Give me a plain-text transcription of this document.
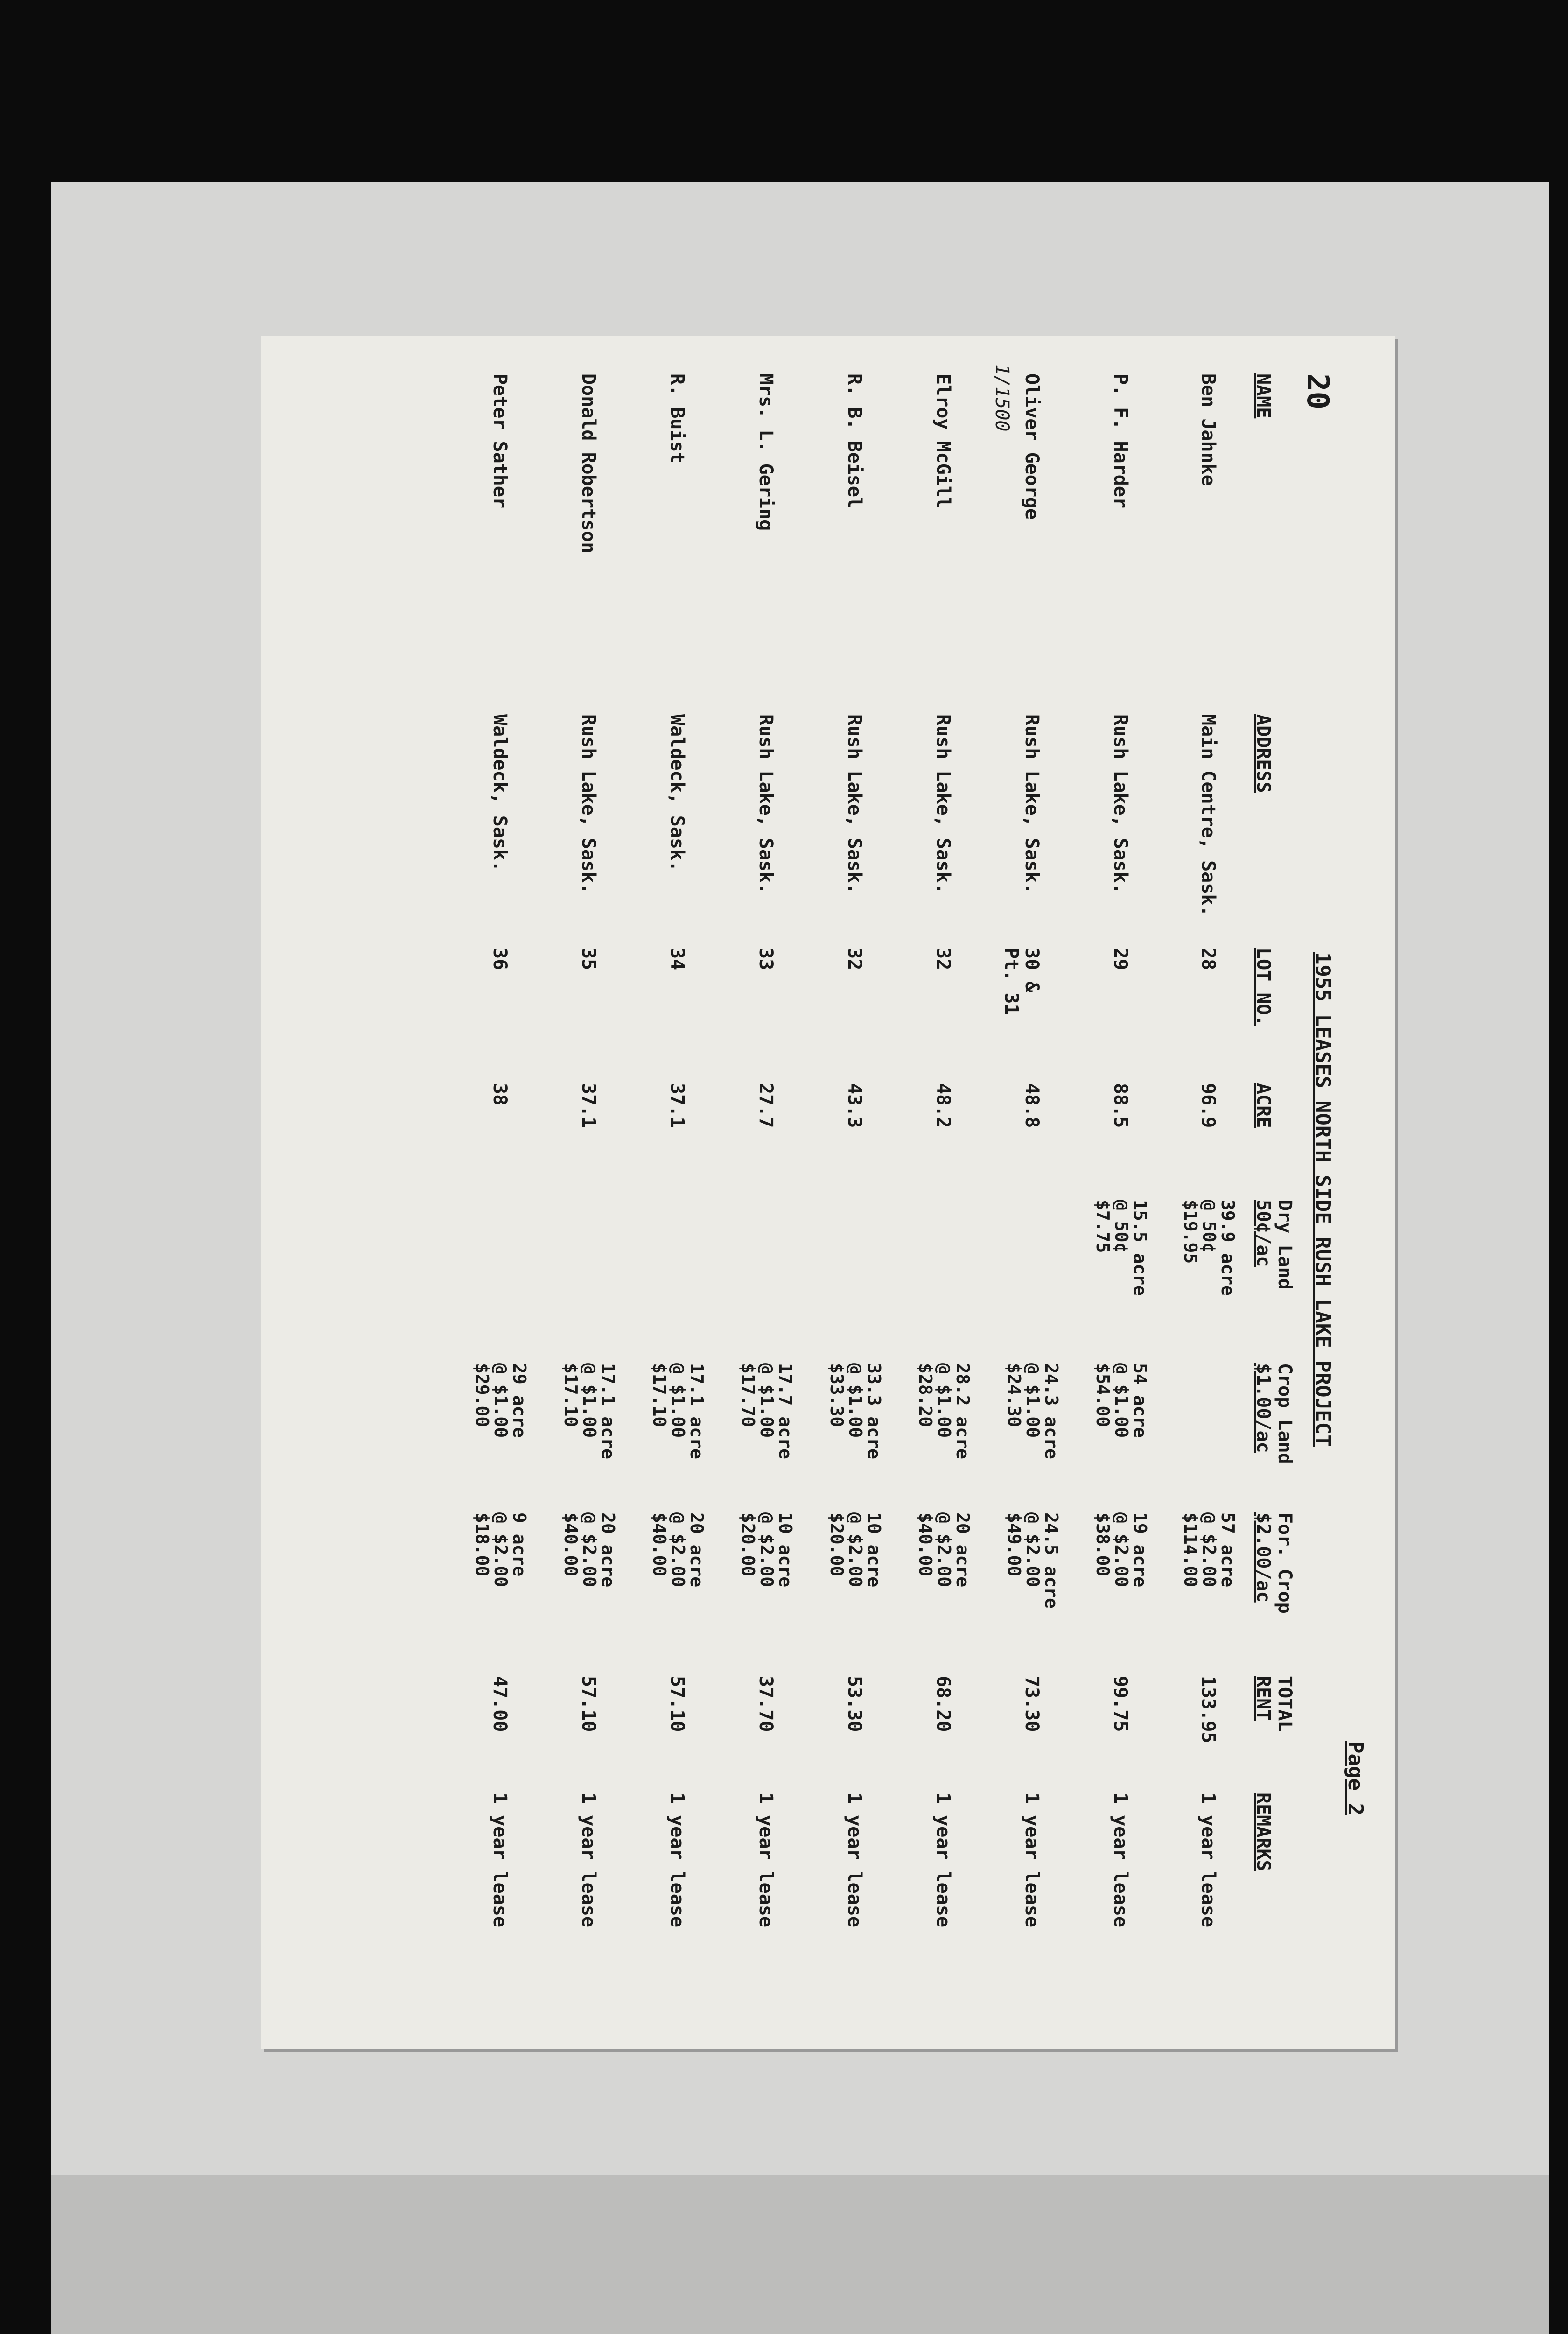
20
1/1500
Page 2
1955 LEASES NORTH SIDE RUSH LAKE PROJECT
NAME
ADDRESS
LOT NO.
ACRE
Dry Land
50¢/ac
Crop Land
$1.00/ac
For. Crop
$2.00/ac
TOTAL
RENT
REMARKS
Ben Jahnke
Main Centre, Sask.
28
96.9
39.9 acre
57 acre
@ 50¢
@ $2.00
$19.95
$114.00
133.95
1 year lease
P. F. Harder
Rush Lake, Sask.
29
88.5
15.5 acre
54 acre
19 acre
@ 50¢
@ $1.00
@ $2.00
$7.75
$54.00
$38.00
99.75
1 year lease
Oliver George
Rush Lake, Sask.
30 &
Pt. 31
48.8
24.3 acre
24.5 acre
@ $1.00
@ $2.00
$24.30
$49.00
73.30
1 year lease
Elroy McGill
Rush Lake, Sask.
32
48.2
28.2 acre
20 acre
@ $1.00
@ $2.00
$28.20
$40.00
68.20
1 year lease
R. B. Beisel
Rush Lake, Sask.
32
43.3
33.3 acre
10 acre
@ $1.00
@ $2.00
$33.30
$20.00
53.30
1 year lease
Mrs. L. Gering
Rush Lake, Sask.
33
27.7
17.7 acre
10 acre
@ $1.00
@ $2.00
$17.70
$20.00
37.70
1 year lease
R. Buist
Waldeck, Sask.
34
37.1
17.1 acre
20 acre
@ $1.00
@ $2.00
$17.10
$40.00
57.10
1 year lease
Donald Robertson
Rush Lake, Sask.
35
37.1
17.1 acre
20 acre
@ $1.00
@ $2.00
$17.10
$40.00
57.10
1 year lease
Peter Sather
Waldeck, Sask.
36
38
29 acre
9 acre
@ $1.00
@ $2.00
$29.00
$18.00
47.00
1 year lease
